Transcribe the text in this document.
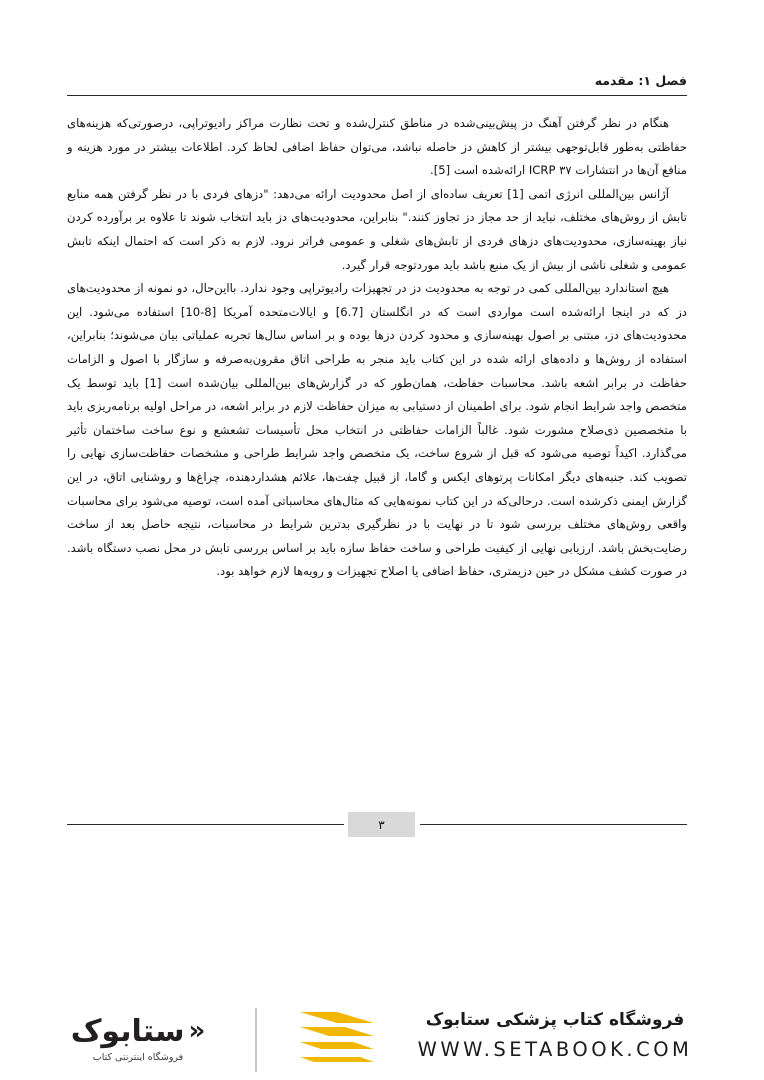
فصل ۱: مقدمه

هنگام در نظر گرفتن آهنگ دز پیش‌بینی‌شده در مناطق کنترل‌شده و تحت نظارت مراکز رادیوتراپی، درصورتی‌که هزینه‌های حفاظتی به‌طور قابل‌توجهی بیشتر از کاهش دز حاصله نباشد، می‌توان حفاظ اضافی لحاظ کرد. اطلاعات بیشتر در مورد هزینه و منافع آن‌ها در انتشارات ICRP ۳۷ ارائه‌شده است [5].

آژانس بین‌المللی انرژی اتمی [1] تعریف ساده‌ای از اصل محدودیت ارائه می‌دهد: "دزهای فردی با در نظر گرفتن همه منابع تابش از روش‌های مختلف، نباید از حد مجاز دز تجاوز کنند." بنابراین، محدودیت‌های دز باید انتخاب شوند تا علاوه بر برآورده کردن نیاز بهینه‌سازی، محدودیت‌های دزهای فردی از تابش‌های شغلی و عمومی فراتر نرود. لازم به ذکر است که احتمال اینکه تابش عمومی و شغلی ناشی از بیش از یک منبع باشد باید موردتوجه قرار گیرد.

هیچ استاندارد بین‌المللی کمی در توجه به محدودیت دز در تجهیزات رادیوتراپی وجود ندارد. بااین‌حال، دو نمونه از محدودیت‌های دز که در اینجا ارائه‌شده است مواردی است که در انگلستان [6.7] و ایالات‌متحده آمریکا [8-10] استفاده می‌شود. این محدودیت‌های دز، مبتنی بر اصول بهینه‌سازی و محدود کردن دزها بوده و بر اساس سال‌ها تجربه عملیاتی بیان می‌شوند؛ بنابراین، استفاده از روش‌ها و داده‌های ارائه شده در این کتاب باید منجر به طراحی اتاق مقرون‌به‌صرفه و سازگار با اصول و الزامات حفاظت در برابر اشعه باشد. محاسبات حفاظت، همان‌طور که در گزارش‌های بین‌المللی بیان‌شده است [1] باید توسط یک متخصص واجد شرایط انجام شود. برای اطمینان از دستیابی به میزان حفاظت لازم در برابر اشعه، در مراحل اولیه برنامه‌ریزی باید با متخصصین ذی‌صلاح مشورت شود. غالباً الزامات حفاظتی در انتخاب محل تأسیسات تشعشع و نوع ساخت ساختمان تأثیر می‌گذارد. اکیداً توصیه می‌شود که قبل از شروع ساخت، یک متخصص واجد شرایط طراحی و مشخصات حفاظت‌سازی نهایی را تصویب کند. جنبه‌های دیگر امکانات پرتوهای ایکس و گاما، از قبیل چفت‌ها، علائم هشداردهنده، چراغ‌ها و روشنایی اتاق، در این گزارش ایمنی ذکرشده است. درحالی‌که در این کتاب نمونه‌هایی که مثال‌های محاسباتی آمده است، توصیه می‌شود برای محاسبات واقعی روش‌های مختلف بررسی شود تا در نهایت با در نظرگیری بدترین شرایط در محاسبات، نتیجه حاصل بعد از ساخت رضایت‌بخش باشد. ارزیابی نهایی از کیفیت طراحی و ساخت حفاظ سازه باید بر اساس بررسی تابش در محل نصب دستگاه باشد. در صورت کشف مشکل در حین دزیمتری، حفاظ اضافی یا اصلاح تجهیزات و رویه‌ها لازم خواهد بود.

۳
«
ستابوک
فروشگاه اینترنتی کتاب
فروشگاه کتاب پزشکی ستابوک
WWW.SETABOOK.COM
